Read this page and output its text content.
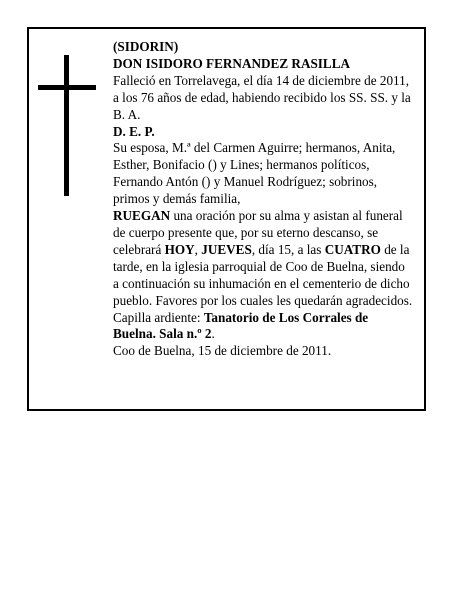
(SIDORIN)

DON ISIDORO FERNANDEZ RASILLA

Falleció en Torrelavega, el día 14 de diciembre de 2011,

a los 76 años de edad, habiendo recibido los SS. SS. y la B. A.

D. E. P.

Su esposa, M.ª del Carmen Aguirre; hermanos, Anita, Esther, Bonifacio () y Lines; hermanos políticos, Fernando Antón () y Manuel Rodríguez; sobrinos, primos y demás familia,

RUEGAN una oración por su alma y asistan al funeral de cuerpo presente que, por su eterno descanso, se celebrará HOY, JUEVES, día 15, a las CUATRO de la tarde, en la iglesia parroquial de Coo de Buelna, siendo a continuación su inhumación en el cementerio de dicho pueblo. Favores por los cuales les quedarán agradecidos.

Capilla ardiente: Tanatorio de Los Corrales de Buelna. Sala n.º 2.

Coo de Buelna, 15 de diciembre de 2011.
